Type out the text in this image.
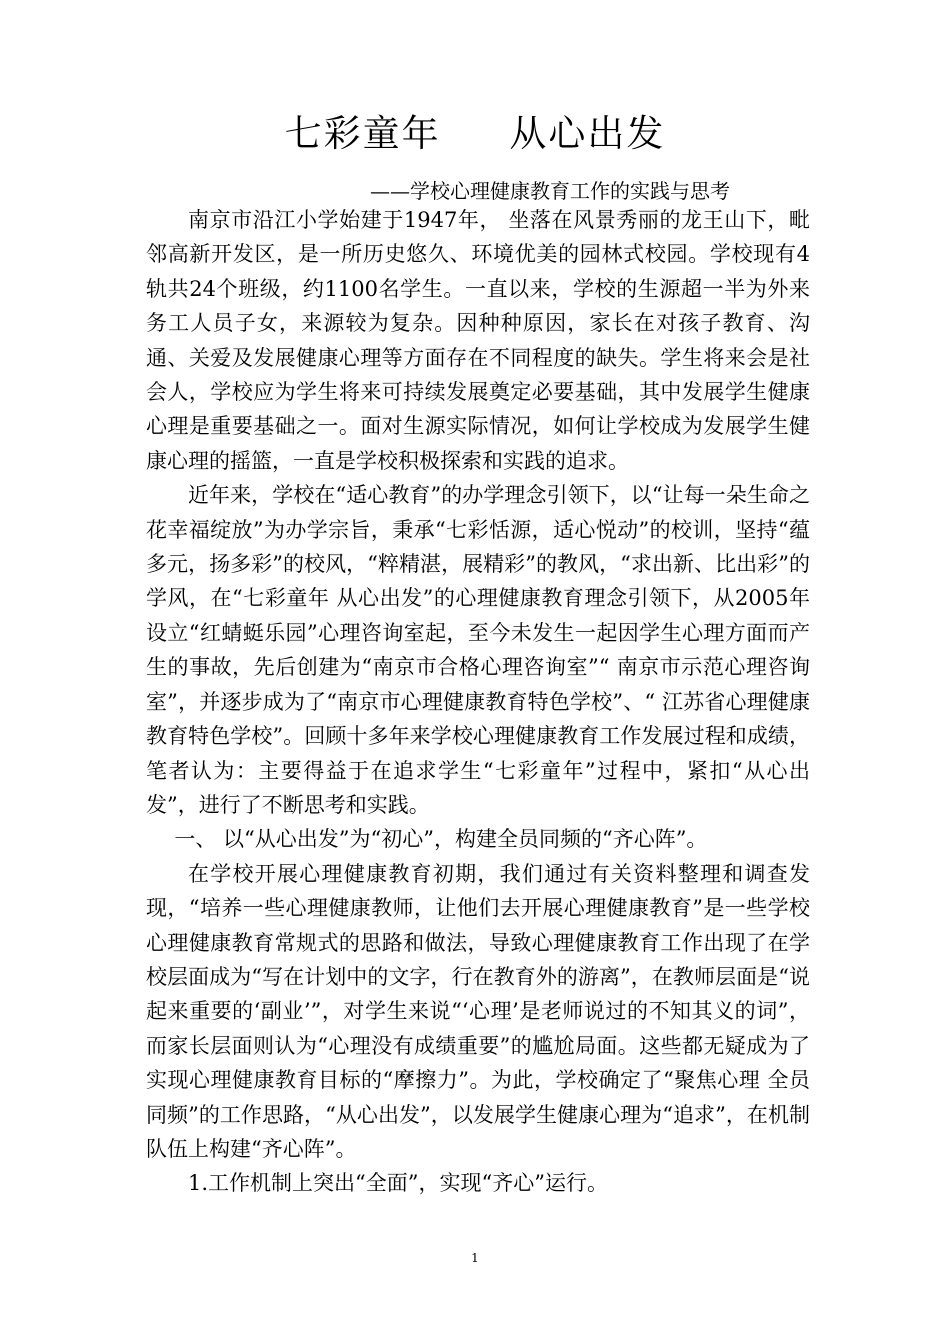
七彩童年     从心出发
——学校心理健康教育工作的实践与思考

南京市沿江小学始建于1947年， 坐落在风景秀丽的龙王山下，毗邻高新开发区，是一所历史悠久、环境优美的园林式校园。学校现有4轨共24个班级，约1100名学生。一直以来，学校的生源超一半为外来务工人员子女，来源较为复杂。因种种原因，家长在对孩子教育、沟通、关爱及发展健康心理等方面存在不同程度的缺失。学生将来会是社会人，学校应为学生将来可持续发展奠定必要基础，其中发展学生健康心理是重要基础之一。面对生源实际情况，如何让学校成为发展学生健康心理的摇篮，一直是学校积极探索和实践的追求。

近年来，学校在“适心教育”的办学理念引领下，以“让每一朵生命之花幸福绽放”为办学宗旨，秉承“七彩恬源，适心悦动”的校训，坚持“蕴多元，扬多彩”的校风，“粹精湛，展精彩”的教风，“求出新、比出彩”的学风，在“七彩童年 从心出发”的心理健康教育理念引领下，从2005年设立“红蜻蜓乐园”心理咨询室起，至今未发生一起因学生心理方面而产生的事故，先后创建为“南京市合格心理咨询室”“ 南京市示范心理咨询室”，并逐步成为了“南京市心理健康教育特色学校”、“ 江苏省心理健康教育特色学校”。回顾十多年来学校心理健康教育工作发展过程和成绩，笔者认为：主要得益于在追求学生“七彩童年”过程中，紧扣“从心出发”，进行了不断思考和实践。

一、 以“从心出发”为“初心”，构建全员同频的“齐心阵”。

在学校开展心理健康教育初期，我们通过有关资料整理和调查发现，“培养一些心理健康教师，让他们去开展心理健康教育”是一些学校心理健康教育常规式的思路和做法，导致心理健康教育工作出现了在学校层面成为“写在计划中的文字，行在教育外的游离”，在教师层面是“说起来重要的‘副业’”，对学生来说“‘心理’是老师说过的不知其义的词”，而家长层面则认为“心理没有成绩重要”的尴尬局面。这些都无疑成为了实现心理健康教育目标的“摩擦力”。为此，学校确定了“聚焦心理 全员同频”的工作思路，“从心出发”，以发展学生健康心理为“追求”，在机制队伍上构建“齐心阵”。

1.工作机制上突出“全面”，实现“齐心”运行。

1
